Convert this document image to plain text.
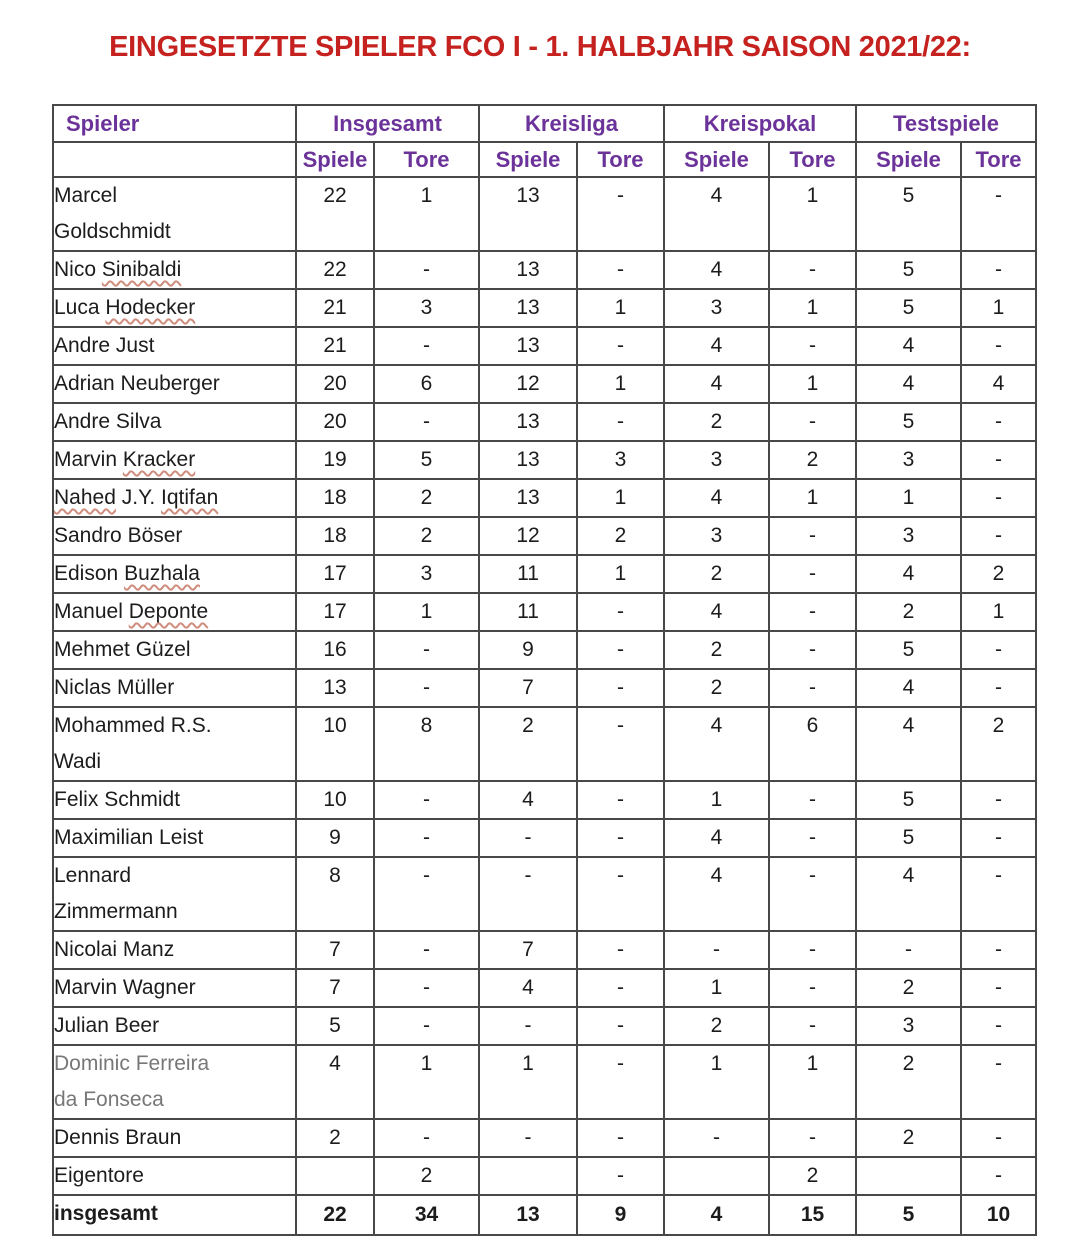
EINGESETZTE SPIELER FCO I - 1. HALBJAHR SAISON 2021/22:
Spieler	Insgesamt		Kreisliga		Kreispokal		Testspiele	
	Spiele	Tore	Spiele	Tore	Spiele	Tore	Spiele	Tore

Marcel
Goldschmidt	22	1	13	-	4	1	5	-

Nico Sinibaldi	22	-	13	-	4	-	5	-

Luca Hodecker	21	3	13	1	3	1	5	1

Andre Just	21	-	13	-	4	-	4	-

Adrian Neuberger	20	6	12	1	4	1	4	4

Andre Silva	20	-	13	-	2	-	5	-

Marvin Kracker	19	5	13	3	3	2	3	-

Nahed J.Y. Iqtifan	18	2	13	1	4	1	1	-

Sandro Böser	18	2	12	2	3	-	3	-

Edison Buzhala	17	3	11	1	2	-	4	2

Manuel Deponte	17	1	11	-	4	-	2	1

Mehmet Güzel	16	-	9	-	2	-	5	-

Niclas Müller	13	-	7	-	2	-	4	-

Mohammed R.S.
Wadi	10	8	2	-	4	6	4	2

Felix Schmidt	10	-	4	-	1	-	5	-

Maximilian Leist	9	-	-	-	4	-	5	-

Lennard
Zimmermann	8	-	-	-	4	-	4	-

Nicolai Manz	7	-	7	-	-	-	-	-

Marvin Wagner	7	-	4	-	1	-	2	-

Julian Beer	5	-	-	-	2	-	3	-

Dominic Ferreira
da Fonseca	4	1	1	-	1	1	2	-

Dennis Braun	2	-	-	-	-	-	2	-

Eigentore		2		-		2		-

insgesamt	22	34	13	9	4	15	5	10
